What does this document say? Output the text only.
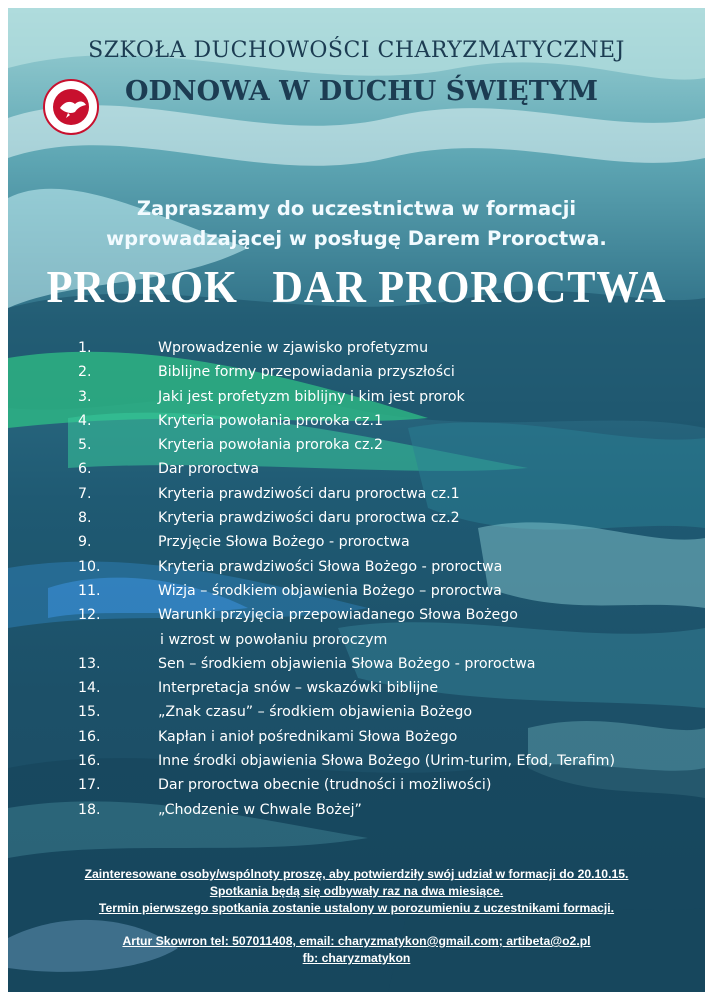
SZKOŁA DUCHOWOŚCI CHARYZMATYCZNEJ
ODNOWA W DUCHU ŚWIĘTYM
Zapraszamy do uczestnictwa w formacji
wprowadzającej w posługę Darem Proroctwa.
PROROK   DAR PROROCTWA
1.	Wprowadzenie w zjawisko profetyzmu
2.	Biblijne formy przepowiadania przyszłości
3.	Jaki jest profetyzm biblijny i kim jest prorok
4.	Kryteria powołania proroka cz.1
5.	Kryteria powołania proroka cz.2
6.	Dar proroctwa
7.	Kryteria prawdziwości daru proroctwa cz.1
8.	Kryteria prawdziwości daru proroctwa cz.2
9.	Przyjęcie Słowa Bożego - proroctwa
10.	Kryteria prawdziwości Słowa Bożego - proroctwa
11.	Wizja – środkiem objawienia Bożego – proroctwa
12.	Warunki przyjęcia przepowiadanego Słowa Bożego
i wzrost w powołaniu proroczym
13.	Sen – środkiem objawienia Słowa Bożego - proroctwa
14.	Interpretacja snów – wskazówki biblijne
15.	„Znak czasu” – środkiem objawienia Bożego
16.	Kapłan i anioł pośrednikami Słowa Bożego
16.	Inne środki objawienia Słowa Bożego (Urim-turim, Efod, Terafim)
17.	Dar proroctwa obecnie (trudności i możliwości)
18.	„Chodzenie w Chwale Bożej”
Zainteresowane osoby/wspólnoty proszę, aby potwierdziły swój udział w formacji do 20.10.15.
Spotkania będą się odbywały raz na dwa miesiące.
Termin pierwszego spotkania zostanie ustalony w porozumieniu z uczestnikami formacji.
Artur Skowron tel: 507011408, email: charyzmatykon@gmail.com; artibeta@o2.pl
fb: charyzmatykon
